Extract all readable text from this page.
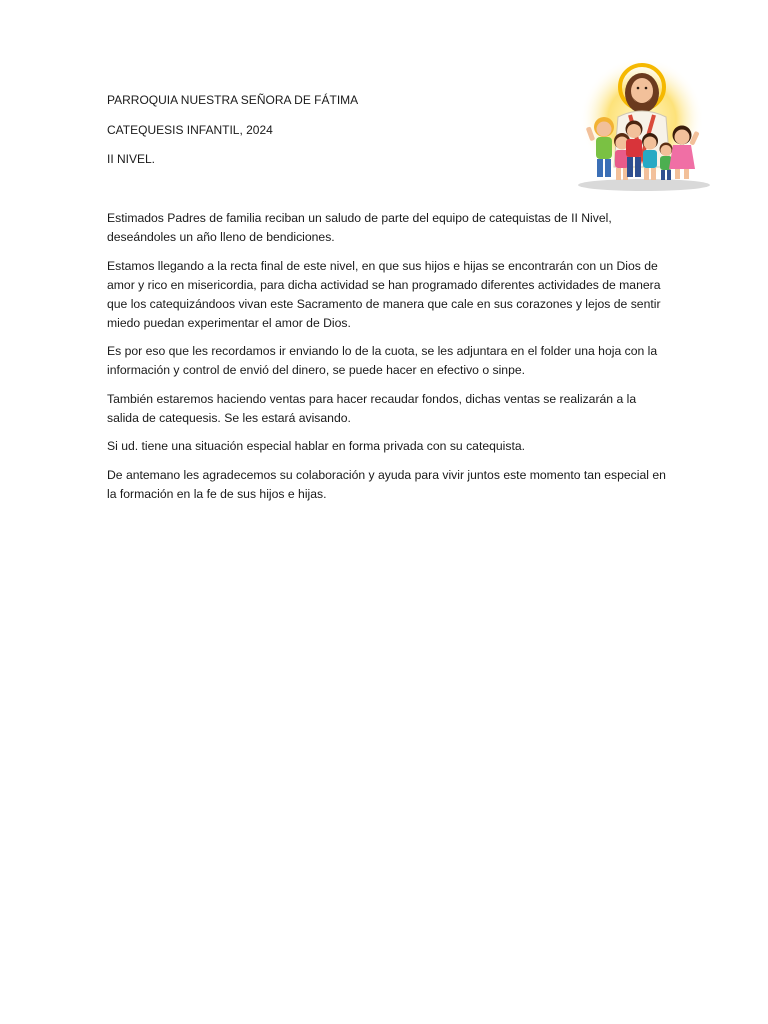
PARROQUIA NUESTRA SEÑORA DE FÁTIMA
CATEQUESIS INFANTIL, 2024
II NIVEL.

Estimados Padres de familia reciban un saludo de parte del equipo de catequistas de II Nivel, deseándoles un año lleno de bendiciones.

Estamos llegando a la recta final de este nivel, en que sus hijos e hijas se encontrarán con un Dios de amor y rico en misericordia, para dicha actividad se han programado diferentes actividades de manera que los catequizándoos vivan este Sacramento de manera que cale en sus corazones y lejos de sentir miedo puedan experimentar el amor de Dios.

Es por eso que les recordamos ir enviando lo de la cuota, se les adjuntara en el folder una hoja con la información y control de envió del dinero, se puede hacer en efectivo o sinpe.

También estaremos haciendo ventas para hacer recaudar fondos, dichas ventas se realizarán a la salida de catequesis. Se les estará avisando.

Si ud. tiene una situación especial hablar en forma privada con su catequista.

De antemano les agradecemos su colaboración y ayuda para vivir juntos este momento tan especial en la formación en la fe de sus hijos e hijas.
